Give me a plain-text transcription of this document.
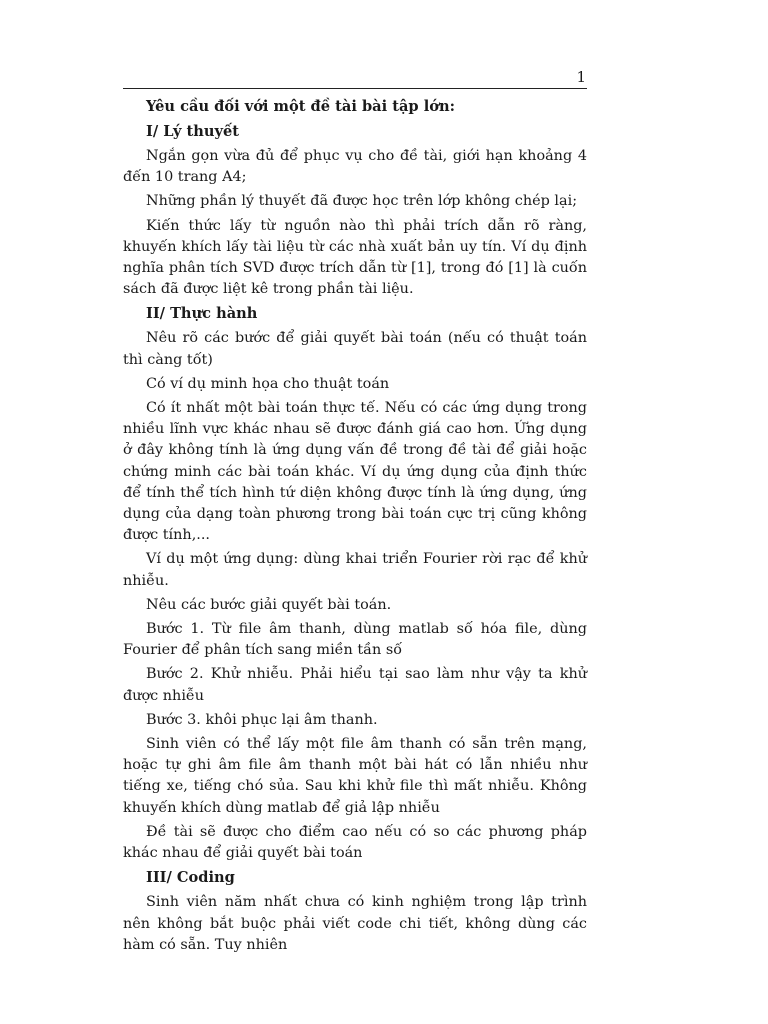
1

Yêu cầu đối với một đề tài bài tập lớn:

I/ Lý thuyết

Ngắn gọn vừa đủ để phục vụ cho đề tài, giới hạn khoảng 4 đến 10 trang A4;

Những phần lý thuyết đã được học trên lớp không chép lại;

Kiến thức lấy từ nguồn nào thì phải trích dẫn rõ ràng, khuyến khích lấy tài liệu từ các nhà xuất bản uy tín. Ví dụ định nghĩa phân tích SVD được trích dẫn từ [1], trong đó [1] là cuốn sách đã được liệt kê trong phần tài liệu.

II/ Thực hành

Nêu rõ các bước để giải quyết bài toán (nếu có thuật toán thì càng tốt)

Có ví dụ minh họa cho thuật toán

Có ít nhất một bài toán thực tế. Nếu có các ứng dụng trong nhiều lĩnh vực khác nhau sẽ được đánh giá cao hơn. Ứng dụng ở đây không tính là ứng dụng vấn đề trong đề tài để giải hoặc chứng minh các bài toán khác. Ví dụ ứng dụng của định thức để tính thể tích hình tứ diện không được tính là ứng dụng, ứng dụng của dạng toàn phương trong bài toán cực trị cũng không được tính,...

Ví dụ một ứng dụng: dùng khai triển Fourier rời rạc để khử nhiễu.

Nêu các bước giải quyết bài toán.

Bước 1. Từ file âm thanh, dùng matlab số hóa file, dùng Fourier để phân tích sang miền tần số

Bước 2. Khử nhiễu. Phải hiểu tại sao làm như vậy ta khử được nhiễu

Bước 3. khôi phục lại âm thanh.

Sinh viên có thể lấy một file âm thanh có sẵn trên mạng, hoặc tự ghi âm file âm thanh một bài hát có lẫn nhiều như tiếng xe, tiếng chó sủa. Sau khi khử file thì mất nhiễu. Không khuyến khích dùng matlab để giả lập nhiễu

Đề tài sẽ được cho điểm cao nếu có so các phương pháp khác nhau để giải quyết bài toán

III/ Coding

Sinh viên năm nhất chưa có kinh nghiệm trong lập trình nên không bắt buộc phải viết code chi tiết, không dùng các hàm có sẵn. Tuy nhiên
